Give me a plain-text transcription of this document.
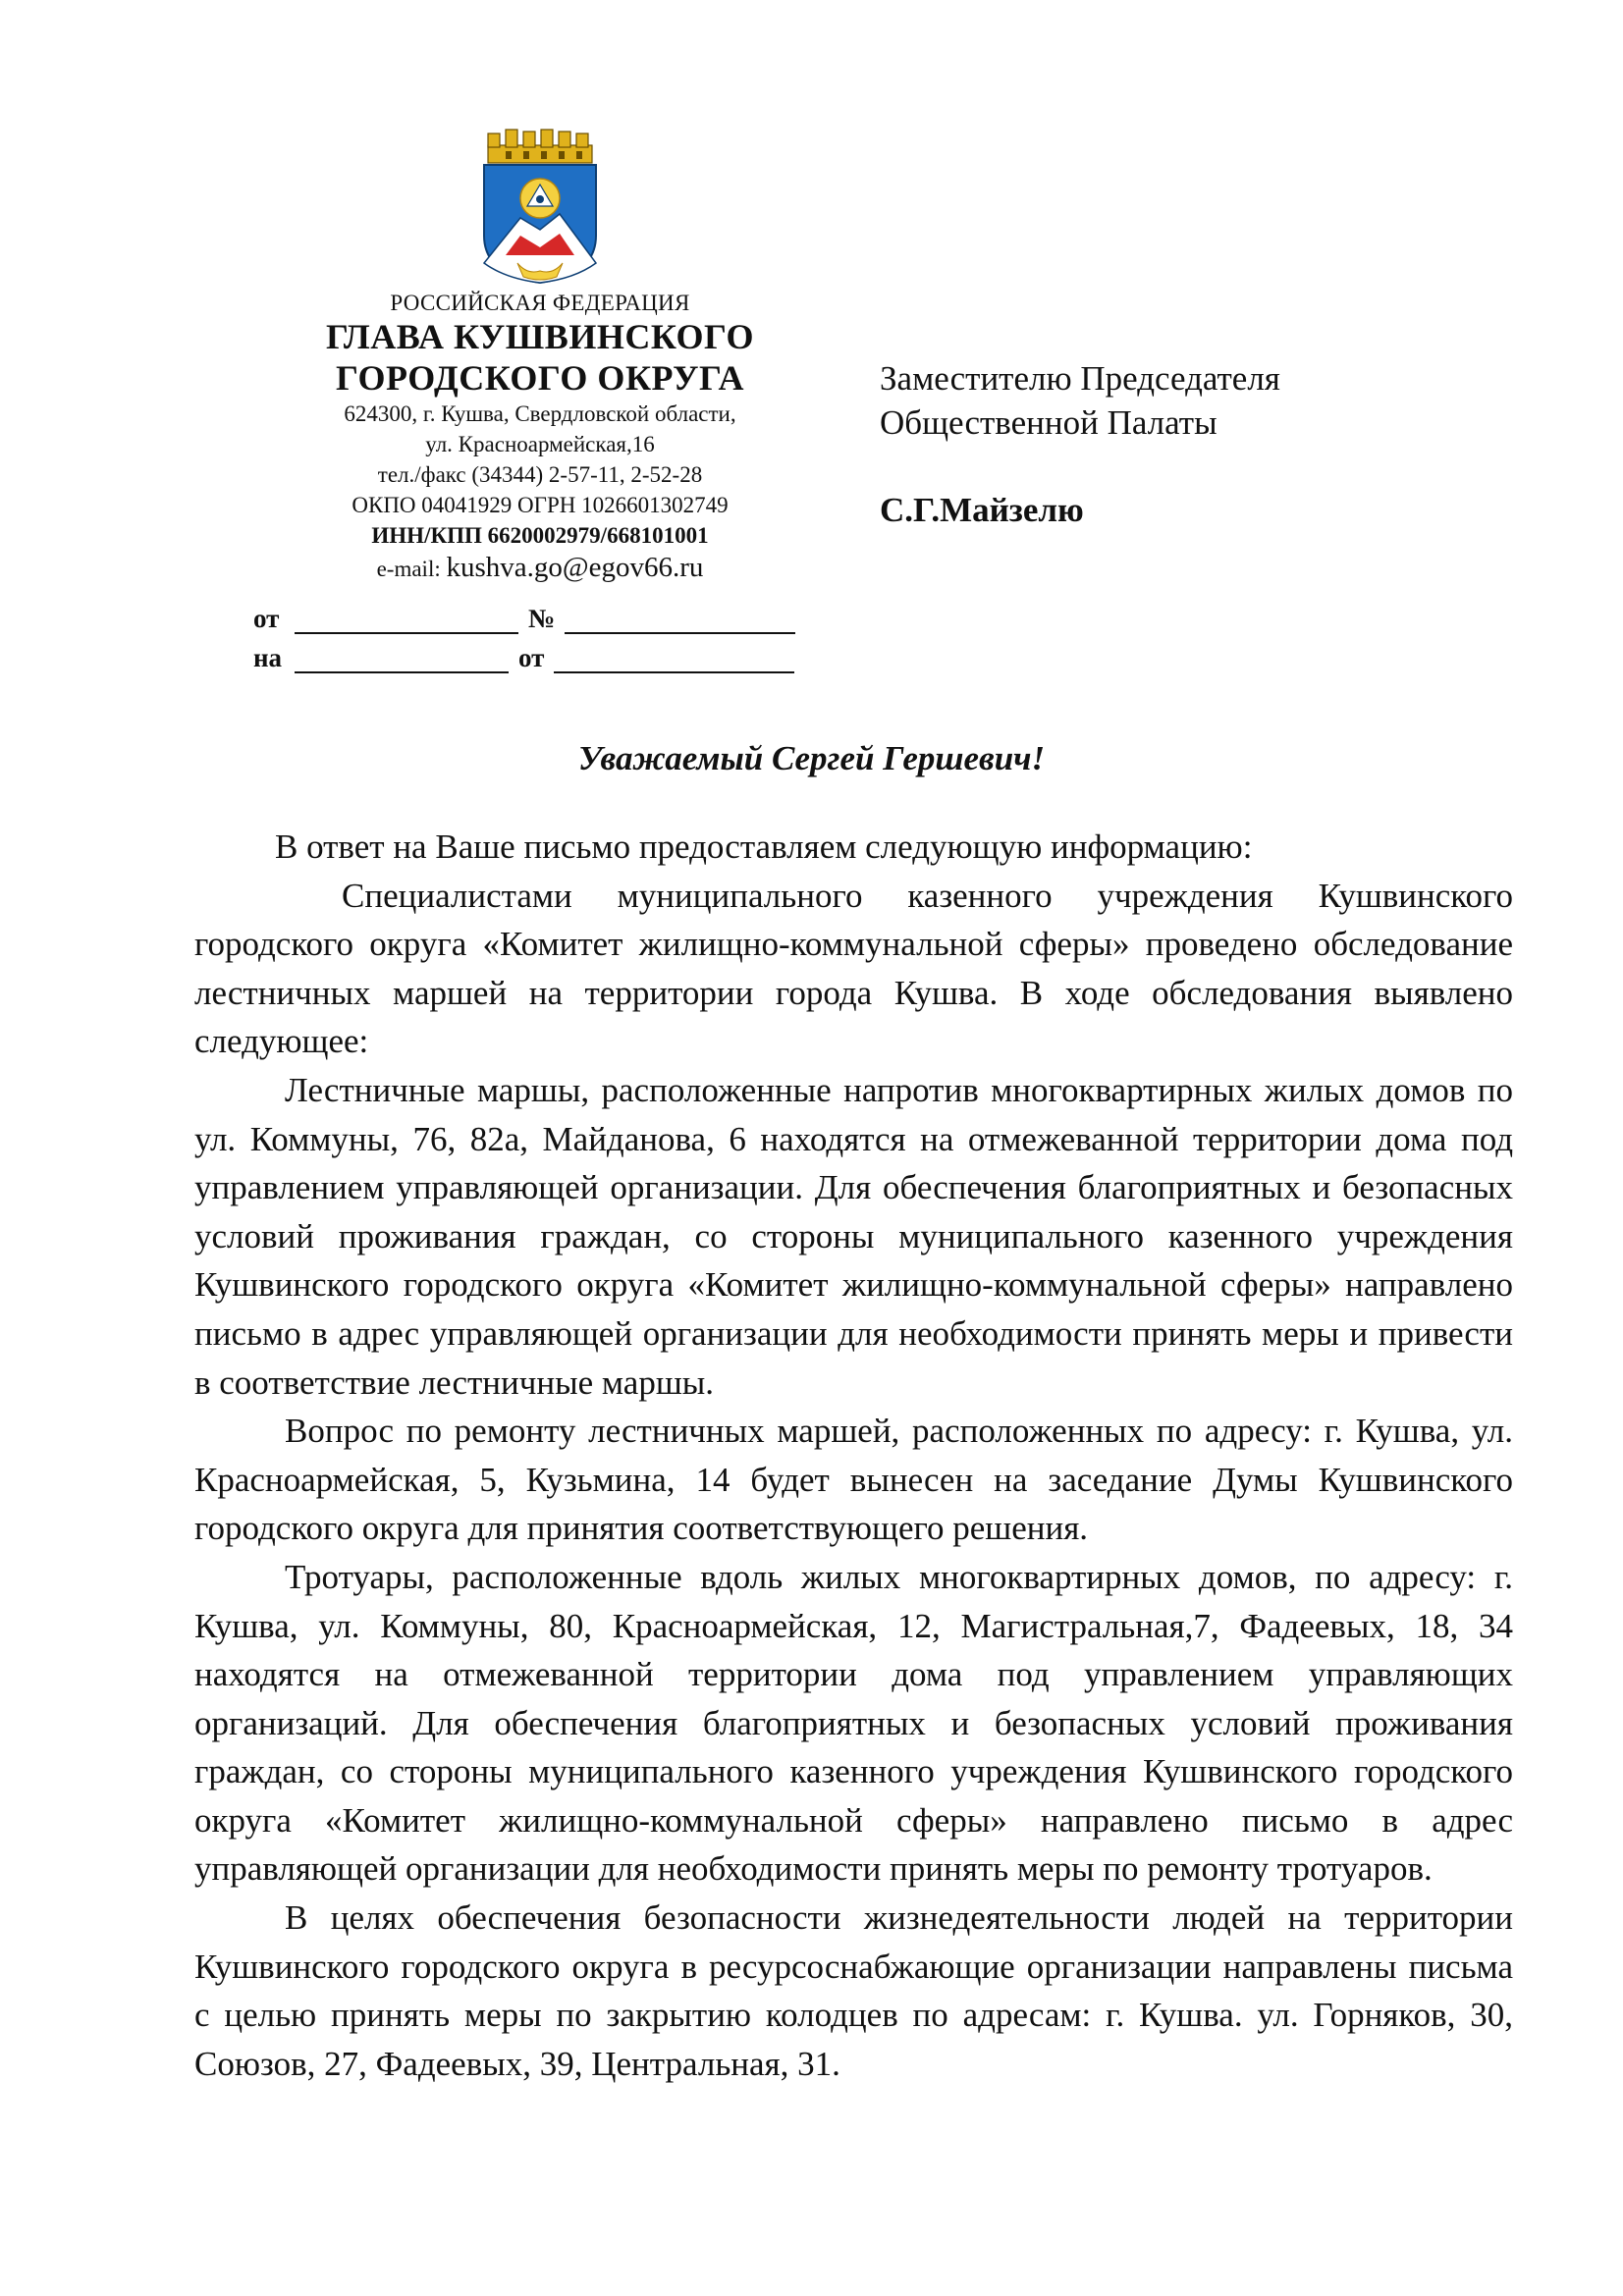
РОССИЙСКАЯ ФЕДЕРАЦИЯ
ГЛАВА КУШВИНСКОГО
ГОРОДСКОГО ОКРУГА
624300, г. Кушва, Свердловской области,
ул. Красноармейская,16
тел./факс (34344) 2-57-11, 2-52-28
ОКПО 04041929 ОГРН 1026601302749
ИНН/КПП 6620002979/668101001
e-mail: kushva.go@egov66.ru
от	№
на	от
Заместителю Председателя
Общественной Палаты
С.Г.Майзелю
Уважаемый Сергей Гершевич!

В ответ на Ваше письмо предоставляем следующую информацию:

Специалистами муниципального казенного учреждения Кушвинского городского округа «Комитет жилищно-коммунальной сферы» проведено обследование лестничных маршей на территории города Кушва. В ходе обследования выявлено следующее:

Лестничные маршы, расположенные напротив многоквартирных жилых домов по ул. Коммуны, 76, 82а, Майданова, 6 находятся на отмежеванной территории дома под управлением управляющей организации. Для обеспечения благоприятных и безопасных условий проживания граждан, со стороны муниципального казенного учреждения Кушвинского городского округа «Комитет жилищно-коммунальной сферы» направлено письмо в адрес управляющей организации для необходимости принять меры и привести в соответствие лестничные маршы.

Вопрос по ремонту лестничных маршей, расположенных по адресу: г. Кушва, ул. Красноармейская, 5, Кузьмина, 14 будет вынесен на заседание Думы Кушвинского городского округа для принятия соответствующего решения.

Тротуары, расположенные вдоль жилых многоквартирных домов, по адресу: г. Кушва, ул. Коммуны, 80, Красноармейская, 12, Магистральная,7, Фадеевых, 18, 34 находятся на отмежеванной территории дома под управлением управляющих организаций. Для обеспечения благоприятных и безопасных условий проживания граждан, со стороны муниципального казенного учреждения Кушвинского городского округа «Комитет жилищно-коммунальной сферы» направлено письмо в адрес управляющей организации для необходимости принять меры по ремонту тротуаров.

В целях обеспечения безопасности жизнедеятельности людей на территории Кушвинского городского округа в ресурсоснабжающие организации направлены письма с целью принять меры по закрытию колодцев по адресам: г. Кушва. ул. Горняков, 30, Союзов, 27, Фадеевых, 39, Центральная, 31.
